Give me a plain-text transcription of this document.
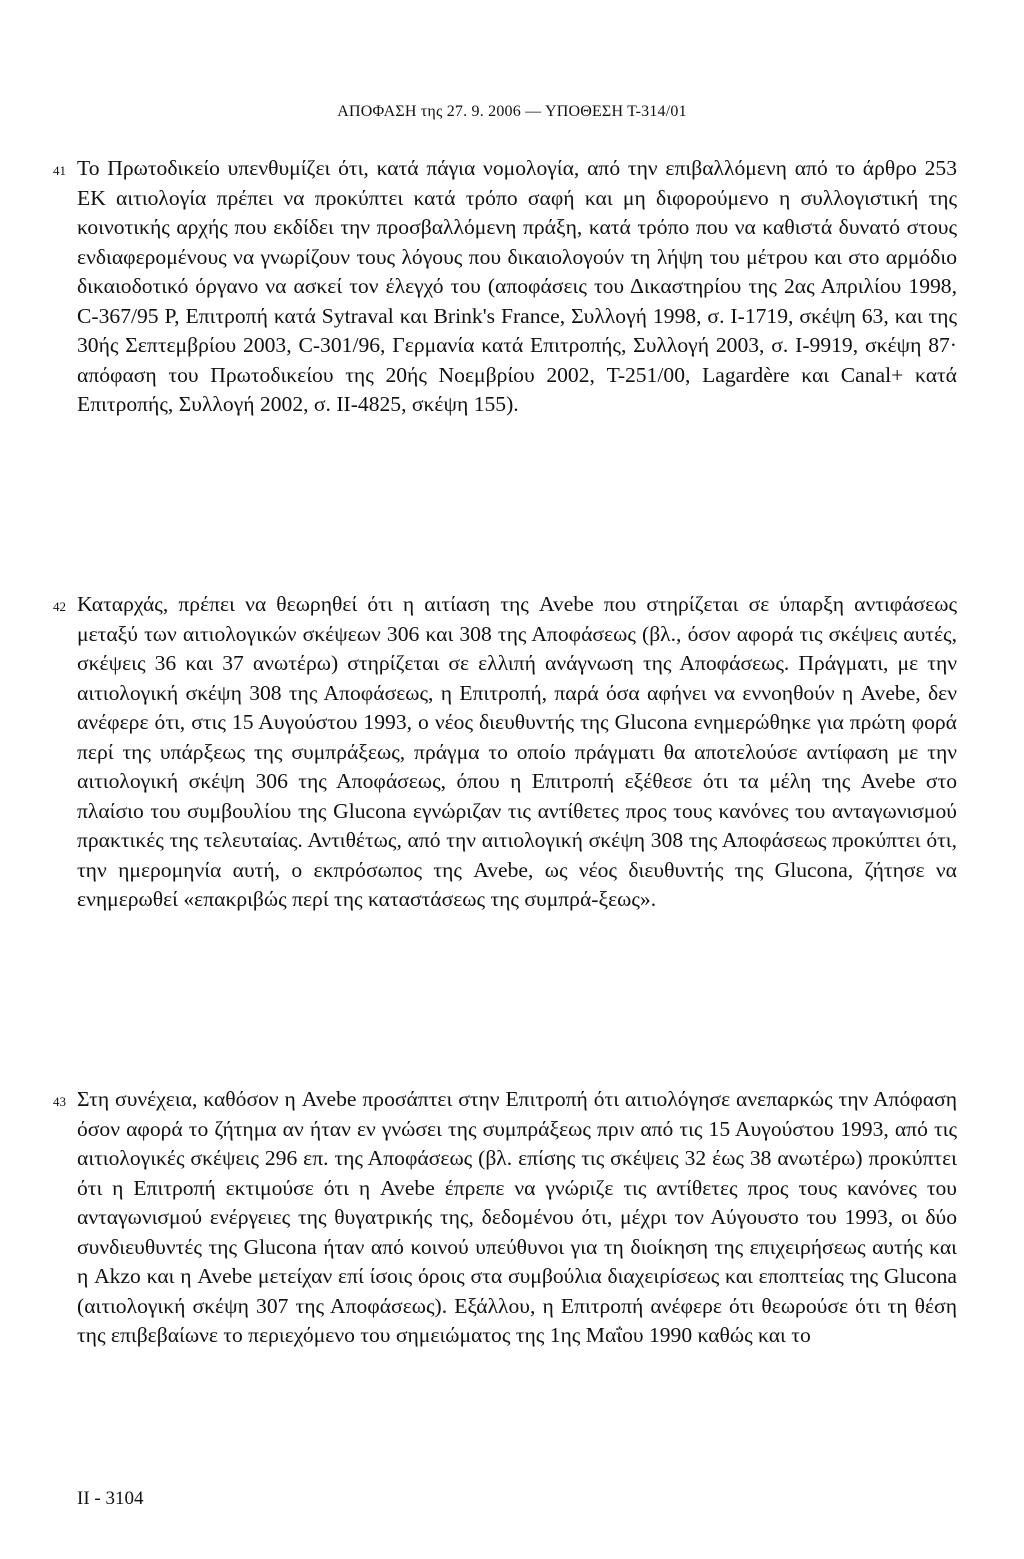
ΑΠΟΦΑΣΗ της 27. 9. 2006 — ΥΠΟΘΕΣΗ Τ-314/01
41 Το Πρωτοδικείο υπενθυμίζει ότι, κατά πάγια νομολογία, από την επιβαλλόμενη από το άρθρο 253 ΕΚ αιτιολογία πρέπει να προκύπτει κατά τρόπο σαφή και μη διφορούμενο η συλλογιστική της κοινοτικής αρχής που εκδίδει την προσβαλλόμενη πράξη, κατά τρόπο που να καθιστά δυνατό στους ενδιαφερομένους να γνωρίζουν τους λόγους που δικαιολογούν τη λήψη του μέτρου και στο αρμόδιο δικαιοδοτικό όργανο να ασκεί τον έλεγχό του (αποφάσεις του Δικαστηρίου της 2ας Απριλίου 1998, C-367/95 P, Επιτροπή κατά Sytraval και Brink's France, Συλλογή 1998, σ. I-1719, σκέψη 63, και της 30ής Σεπτεμβρίου 2003, C-301/96, Γερμανία κατά Επιτροπής, Συλλογή 2003, σ. I-9919, σκέψη 87· απόφαση του Πρωτοδικείου της 20ής Νοεμβρίου 2002, T-251/00, Lagardère και Canal+ κατά Επιτροπής, Συλλογή 2002, σ. II-4825, σκέψη 155).
42 Καταρχάς, πρέπει να θεωρηθεί ότι η αιτίαση της Avebe που στηρίζεται σε ύπαρξη αντιφάσεως μεταξύ των αιτιολογικών σκέψεων 306 και 308 της Αποφάσεως (βλ., όσον αφορά τις σκέψεις αυτές, σκέψεις 36 και 37 ανωτέρω) στηρίζεται σε ελλιπή ανάγνωση της Αποφάσεως. Πράγματι, με την αιτιολογική σκέψη 308 της Αποφάσεως, η Επιτροπή, παρά όσα αφήνει να εννοηθούν η Avebe, δεν ανέφερε ότι, στις 15 Αυγούστου 1993, ο νέος διευθυντής της Glucona ενημερώθηκε για πρώτη φορά περί της υπάρξεως της συμπράξεως, πράγμα το οποίο πράγματι θα αποτελούσε αντίφαση με την αιτιολογική σκέψη 306 της Αποφάσεως, όπου η Επιτροπή εξέθεσε ότι τα μέλη της Avebe στο πλαίσιο του συμβουλίου της Glucona εγνώριζαν τις αντίθετες προς τους κανόνες του ανταγωνισμού πρακτικές της τελευταίας. Αντιθέτως, από την αιτιολογική σκέψη 308 της Αποφάσεως προκύπτει ότι, την ημερομηνία αυτή, ο εκπρόσωπος της Avebe, ως νέος διευθυντής της Glucona, ζήτησε να ενημερωθεί «επακριβώς περί της καταστάσεως της συμπρά-ξεως».
43 Στη συνέχεια, καθόσον η Avebe προσάπτει στην Επιτροπή ότι αιτιολόγησε ανεπαρκώς την Απόφαση όσον αφορά το ζήτημα αν ήταν εν γνώσει της συμπράξεως πριν από τις 15 Αυγούστου 1993, από τις αιτιολογικές σκέψεις 296 επ. της Αποφάσεως (βλ. επίσης τις σκέψεις 32 έως 38 ανωτέρω) προκύπτει ότι η Επιτροπή εκτιμούσε ότι η Avebe έπρεπε να γνώριζε τις αντίθετες προς τους κανόνες του ανταγωνισμού ενέργειες της θυγατρικής της, δεδομένου ότι, μέχρι τον Αύγουστο του 1993, οι δύο συνδιευθυντές της Glucona ήταν από κοινού υπεύθυνοι για τη διοίκηση της επιχειρήσεως αυτής και η Akzo και η Avebe μετείχαν επί ίσοις όροις στα συμβούλια διαχειρίσεως και εποπτείας της Glucona (αιτιολογική σκέψη 307 της Αποφάσεως). Εξάλλου, η Επιτροπή ανέφερε ότι θεωρούσε ότι τη θέση της επιβεβαίωνε το περιεχόμενο του σημειώματος της 1ης Μαΐου 1990 καθώς και το
II - 3104
